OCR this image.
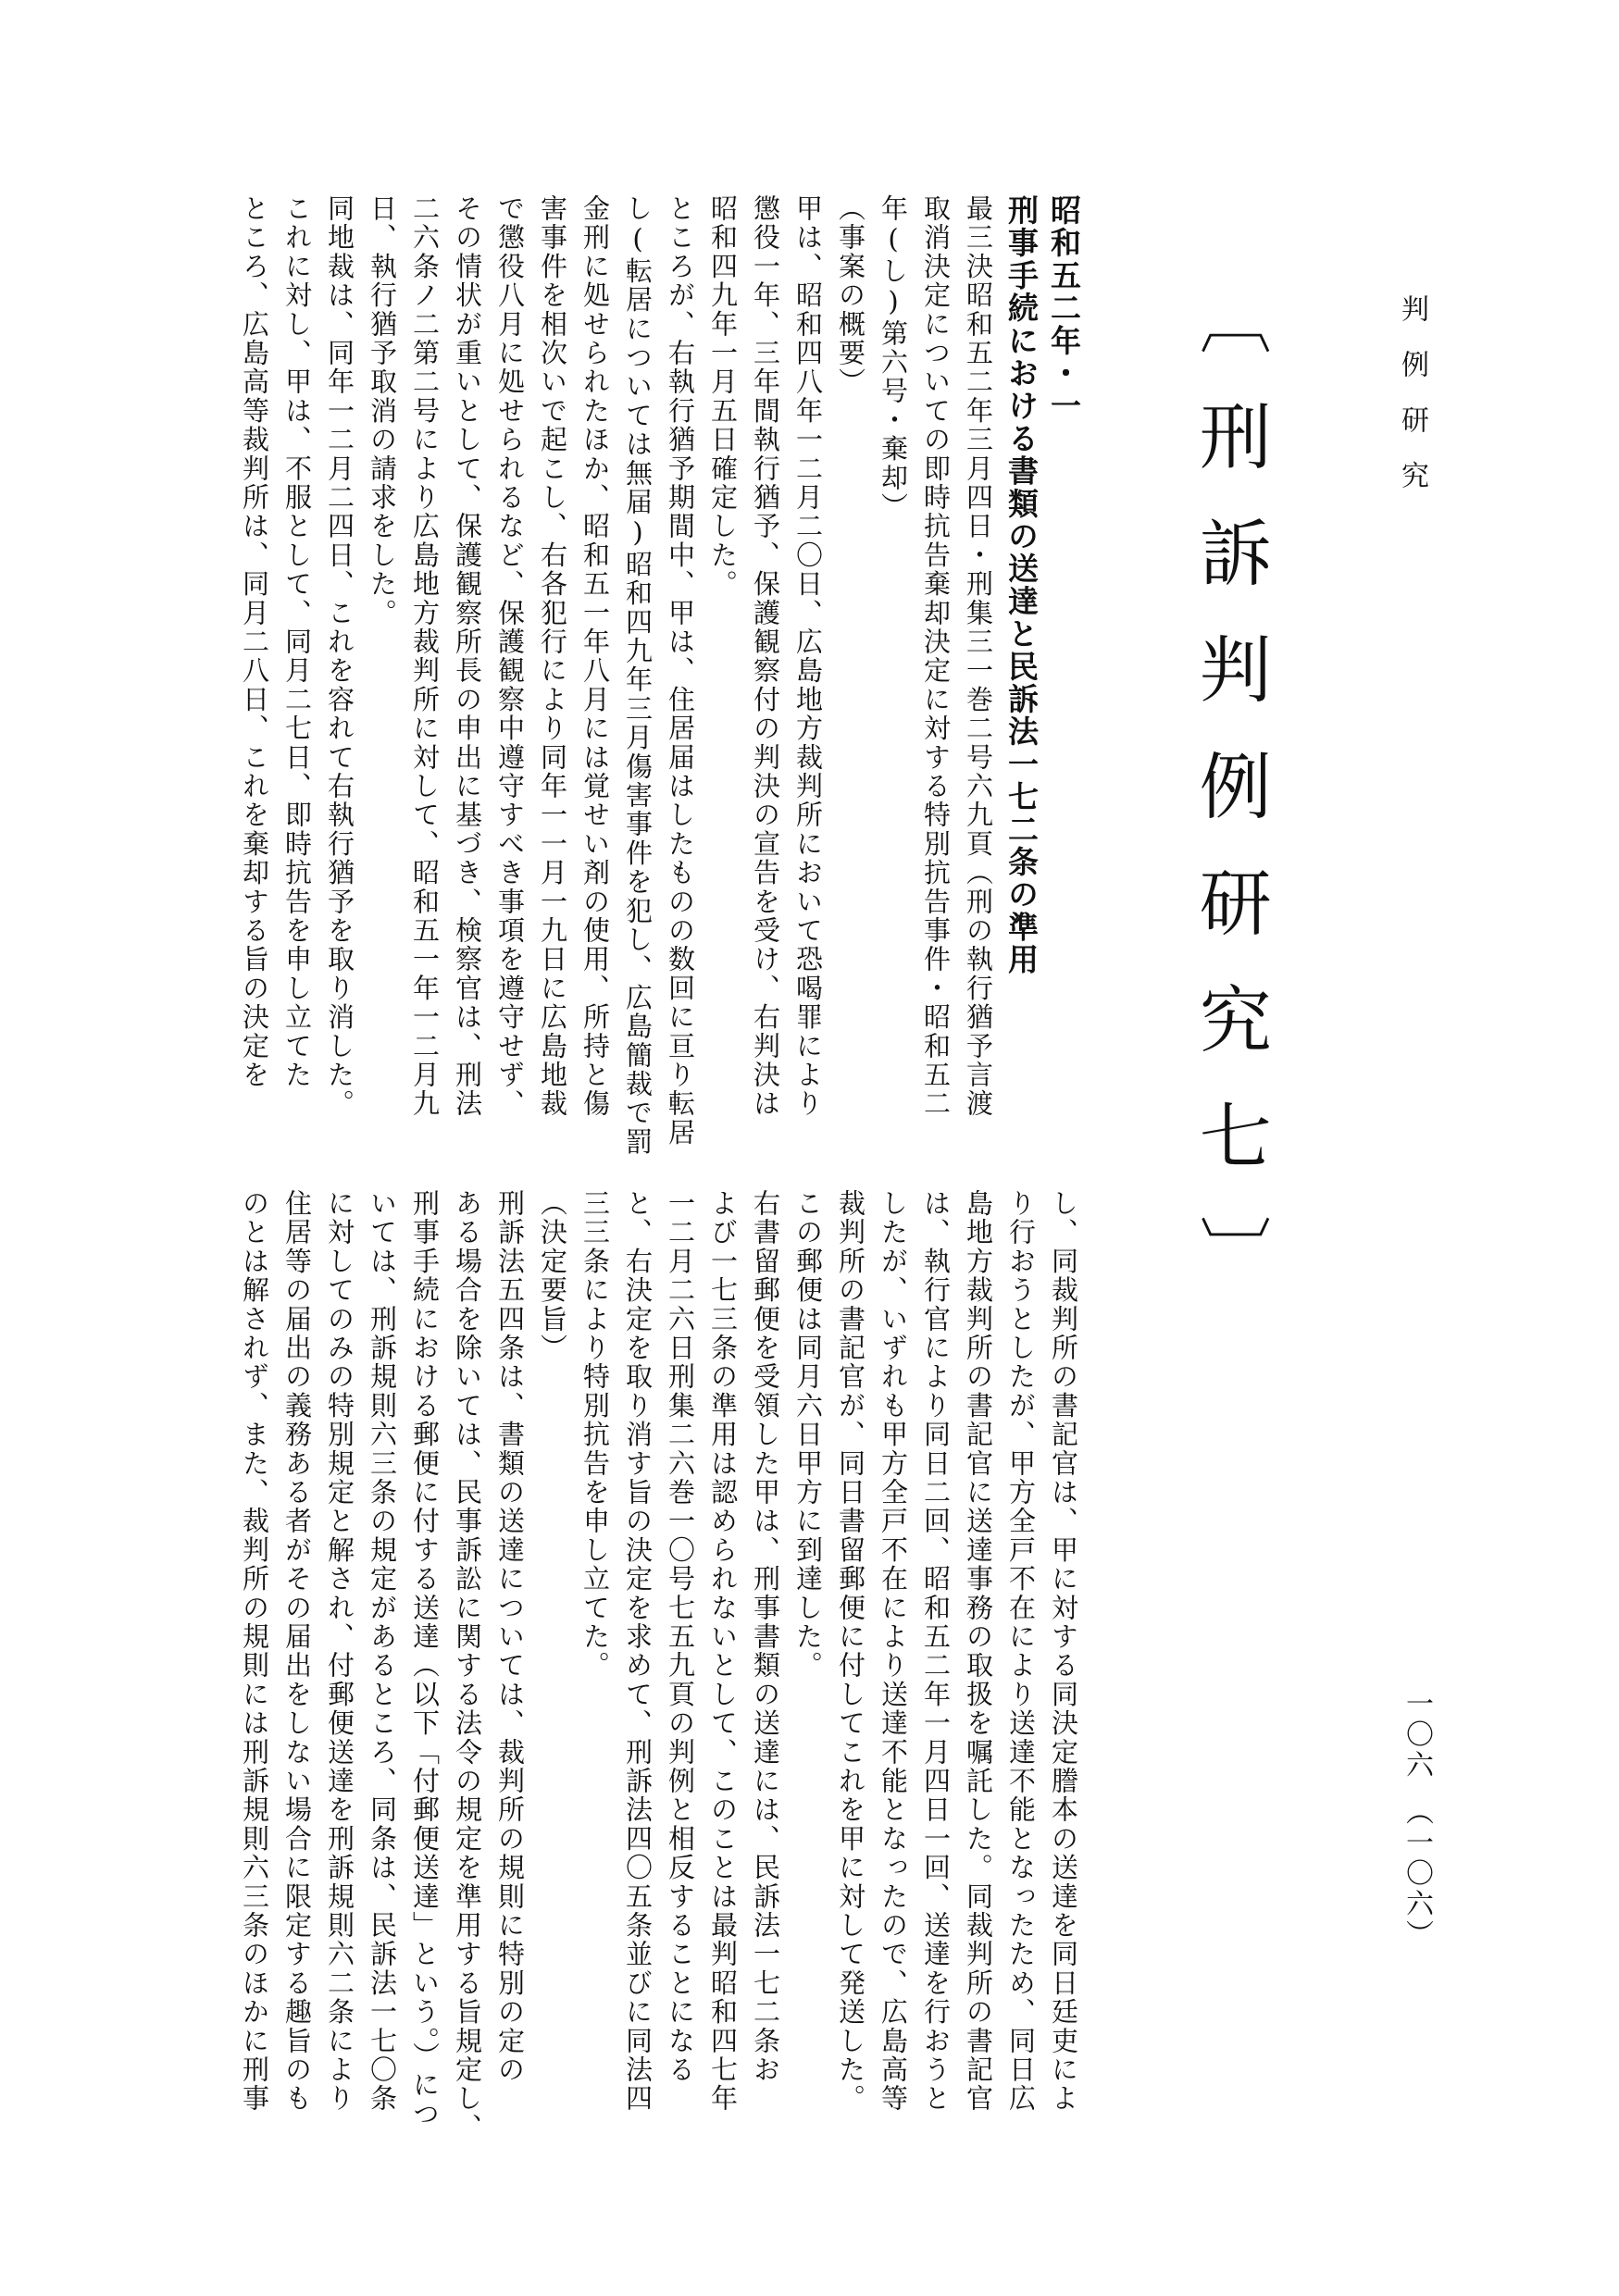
判例研究
〔刑訴判例研究七〕
一〇六　（一〇六）

昭和五二年・一
刑事手続における書類の送達と民訴法一七二条の準用
最三決昭和五二年三月四日・刑集三一巻二号六九頁（刑の執行猶予言渡
取消決定についての即時抗告棄却決定に対する特別抗告事件・昭和五二
年(し)第六号・棄却）
（事案の概要）
甲は、昭和四八年一二月二〇日、広島地方裁判所において恐喝罪により
懲役一年、三年間執行猶予、保護観察付の判決の宣告を受け、右判決は
昭和四九年一月五日確定した。
ところが、右執行猶予期間中、甲は、住居届はしたものの数回に亘り転居
し(転居については無届)昭和四九年三月傷害事件を犯し、広島簡裁で罰
金刑に処せられたほか、昭和五一年八月には覚せい剤の使用、所持と傷
害事件を相次いで起こし、右各犯行により同年一一月一九日に広島地裁
で懲役八月に処せられるなど、保護観察中遵守すべき事項を遵守せず、
その情状が重いとして、保護観察所長の申出に基づき、検察官は、刑法
二六条ノ二第二号により広島地方裁判所に対して、昭和五一年一二月九
日、執行猶予取消の請求をした。
同地裁は、同年一二月二四日、これを容れて右執行猶予を取り消した。
これに対し、甲は、不服として、同月二七日、即時抗告を申し立てた
ところ、広島高等裁判所は、同月二八日、これを棄却する旨の決定を

し、同裁判所の書記官は、甲に対する同決定謄本の送達を同日廷吏によ
り行おうとしたが、甲方全戸不在により送達不能となったため、同日広
島地方裁判所の書記官に送達事務の取扱を嘱託した。同裁判所の書記官
は、執行官により同日二回、昭和五二年一月四日一回、送達を行おうと
したが、いずれも甲方全戸不在により送達不能となったので、広島高等
裁判所の書記官が、同日書留郵便に付してこれを甲に対して発送した。
この郵便は同月六日甲方に到達した。
右書留郵便を受領した甲は、刑事書類の送達には、民訴法一七二条お
よび一七三条の準用は認められないとして、このことは最判昭和四七年
一二月二六日刑集二六巻一〇号七五九頁の判例と相反することになる
と、右決定を取り消す旨の決定を求めて、刑訴法四〇五条並びに同法四
三三条により特別抗告を申し立てた。
（決定要旨）
刑訴法五四条は、書類の送達については、裁判所の規則に特別の定の
ある場合を除いては、民事訴訟に関する法令の規定を準用する旨規定し、
刑事手続における郵便に付する送達（以下「付郵便送達」という。）につ
いては、刑訴規則六三条の規定があるところ、同条は、民訴法一七〇条
に対してのみの特別規定と解され、付郵便送達を刑訴規則六二条により
住居等の届出の義務ある者がその届出をしない場合に限定する趣旨のも
のとは解されず、また、裁判所の規則には刑訴規則六三条のほかに刑事
